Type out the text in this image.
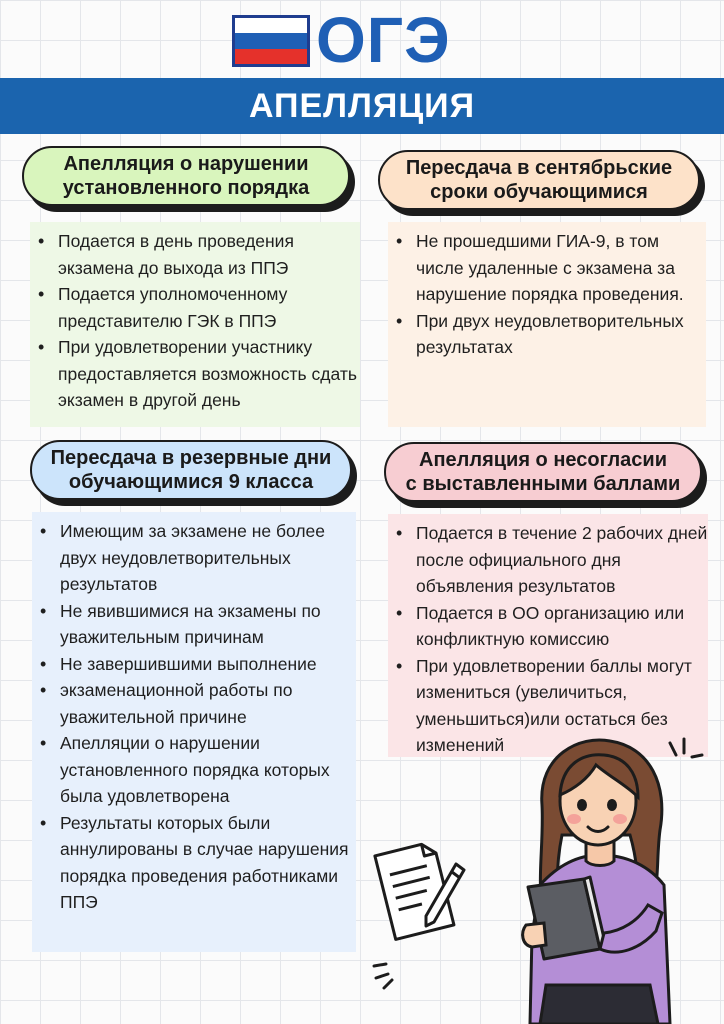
ОГЭ
АПЕЛЛЯЦИЯ
Апелляция о нарушении
установленного порядка
• Подается в день проведения экзамена до выхода из ППЭ
• Подается уполномоченному представителю ГЭК в ППЭ
• При удовлетворении участнику предоставляется возможность сдать экзамен в другой день
Пересдача в сентябрьские
сроки обучающимися
• Не прошедшими ГИА-9, в том числе удаленные с экзамена за нарушение порядка проведения.
• При двух неудовлетворительных результатах
Пересдача в резервные дни
обучающимися 9 класса
• Имеющим за экзамене не более двух неудовлетворительных результатов
• Не явившимися на экзамены по уважительным причинам
• Не завершившими выполнение
• экзаменационной работы по уважительной причине
• Апелляции о нарушении установленного порядка которых была удовлетворена
• Результаты которых были аннулированы в случае нарушения порядка проведения работниками ППЭ
Апелляция о несогласии
с выставленными баллами
• Подается в течение 2 рабочих дней после официального дня объявления результатов
• Подается в ОО организацию или конфликтную комиссию
• При удовлетворении баллы могут измениться (увеличиться, уменьшиться)или остаться без изменений
